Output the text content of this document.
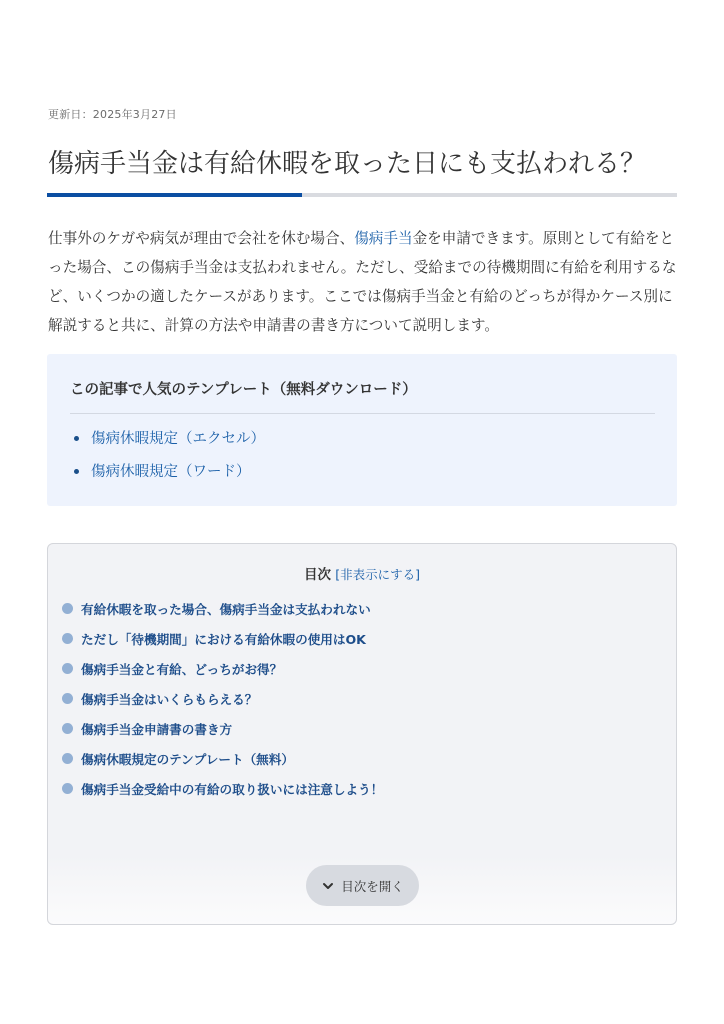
更新日：2025年3月27日
傷病手当金は有給休暇を取った日にも支払われる？

仕事外のケガや病気が理由で会社を休む場合、傷病手当金を申請できます。原則として有給をとった場合、この傷病手当金は支払われません。ただし、受給までの待機期間に有給を利用するなど、いくつかの適したケースがあります。ここでは傷病手当金と有給のどっちが得かケース別に解説すると共に、計算の方法や申請書の書き方について説明します。

この記事で人気のテンプレート（無料ダウンロード）
傷病休暇規定（エクセル）
傷病休暇規定（ワード）
目次 [非表示にする]
有給休暇を取った場合、傷病手当金は支払われない
ただし「待機期間」における有給休暇の使用はOK
傷病手当金と有給、どっちがお得？
傷病手当金はいくらもらえる？
傷病手当金申請書の書き方
傷病休暇規定のテンプレート（無料）
傷病手当金受給中の有給の取り扱いには注意しよう！
目次を開く
